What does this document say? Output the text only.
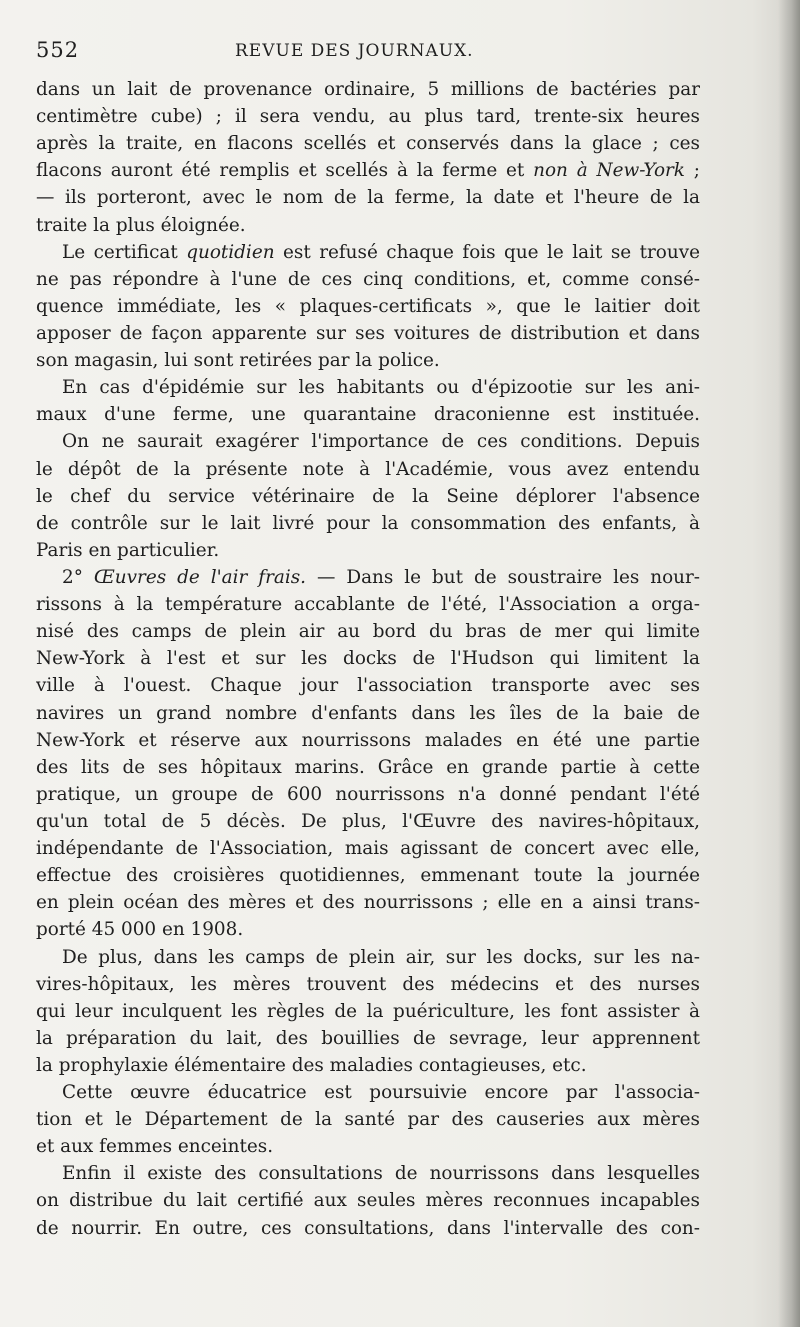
552	REVUE DES JOURNAUX.
dans un lait de provenance ordinaire, 5 millions de bactéries par
centimètre cube) ; il sera vendu, au plus tard, trente-six heures
après la traite, en flacons scellés et conservés dans la glace ; ces
flacons auront été remplis et scellés à la ferme et non à New-York ;
— ils porteront, avec le nom de la ferme, la date et l'heure de la
traite la plus éloignée.
Le certificat quotidien est refusé chaque fois que le lait se trouve
ne pas répondre à l'une de ces cinq conditions, et, comme consé-
quence immédiate, les « plaques-certificats », que le laitier doit
apposer de façon apparente sur ses voitures de distribution et dans
son magasin, lui sont retirées par la police.
En cas d'épidémie sur les habitants ou d'épizootie sur les ani-
maux d'une ferme, une quarantaine draconienne est instituée.
On ne saurait exagérer l'importance de ces conditions. Depuis
le dépôt de la présente note à l'Académie, vous avez entendu
le chef du service vétérinaire de la Seine déplorer l'absence
de contrôle sur le lait livré pour la consommation des enfants, à
Paris en particulier.
2° Œuvres de l'air frais. — Dans le but de soustraire les nour-
rissons à la température accablante de l'été, l'Association a orga-
nisé des camps de plein air au bord du bras de mer qui limite
New-York à l'est et sur les docks de l'Hudson qui limitent la
ville à l'ouest. Chaque jour l'association transporte avec ses
navires un grand nombre d'enfants dans les îles de la baie de
New-York et réserve aux nourrissons malades en été une partie
des lits de ses hôpitaux marins. Grâce en grande partie à cette
pratique, un groupe de 600 nourrissons n'a donné pendant l'été
qu'un total de 5 décès. De plus, l'Œuvre des navires-hôpitaux,
indépendante de l'Association, mais agissant de concert avec elle,
effectue des croisières quotidiennes, emmenant toute la journée
en plein océan des mères et des nourrissons ; elle en a ainsi trans-
porté 45 000 en 1908.
De plus, dans les camps de plein air, sur les docks, sur les na-
vires-hôpitaux, les mères trouvent des médecins et des nurses
qui leur inculquent les règles de la puériculture, les font assister à
la préparation du lait, des bouillies de sevrage, leur apprennent
la prophylaxie élémentaire des maladies contagieuses, etc.
Cette œuvre éducatrice est poursuivie encore par l'associa-
tion et le Département de la santé par des causeries aux mères
et aux femmes enceintes.
Enfin il existe des consultations de nourrissons dans lesquelles
on distribue du lait certifié aux seules mères reconnues incapables
de nourrir. En outre, ces consultations, dans l'intervalle des con-
